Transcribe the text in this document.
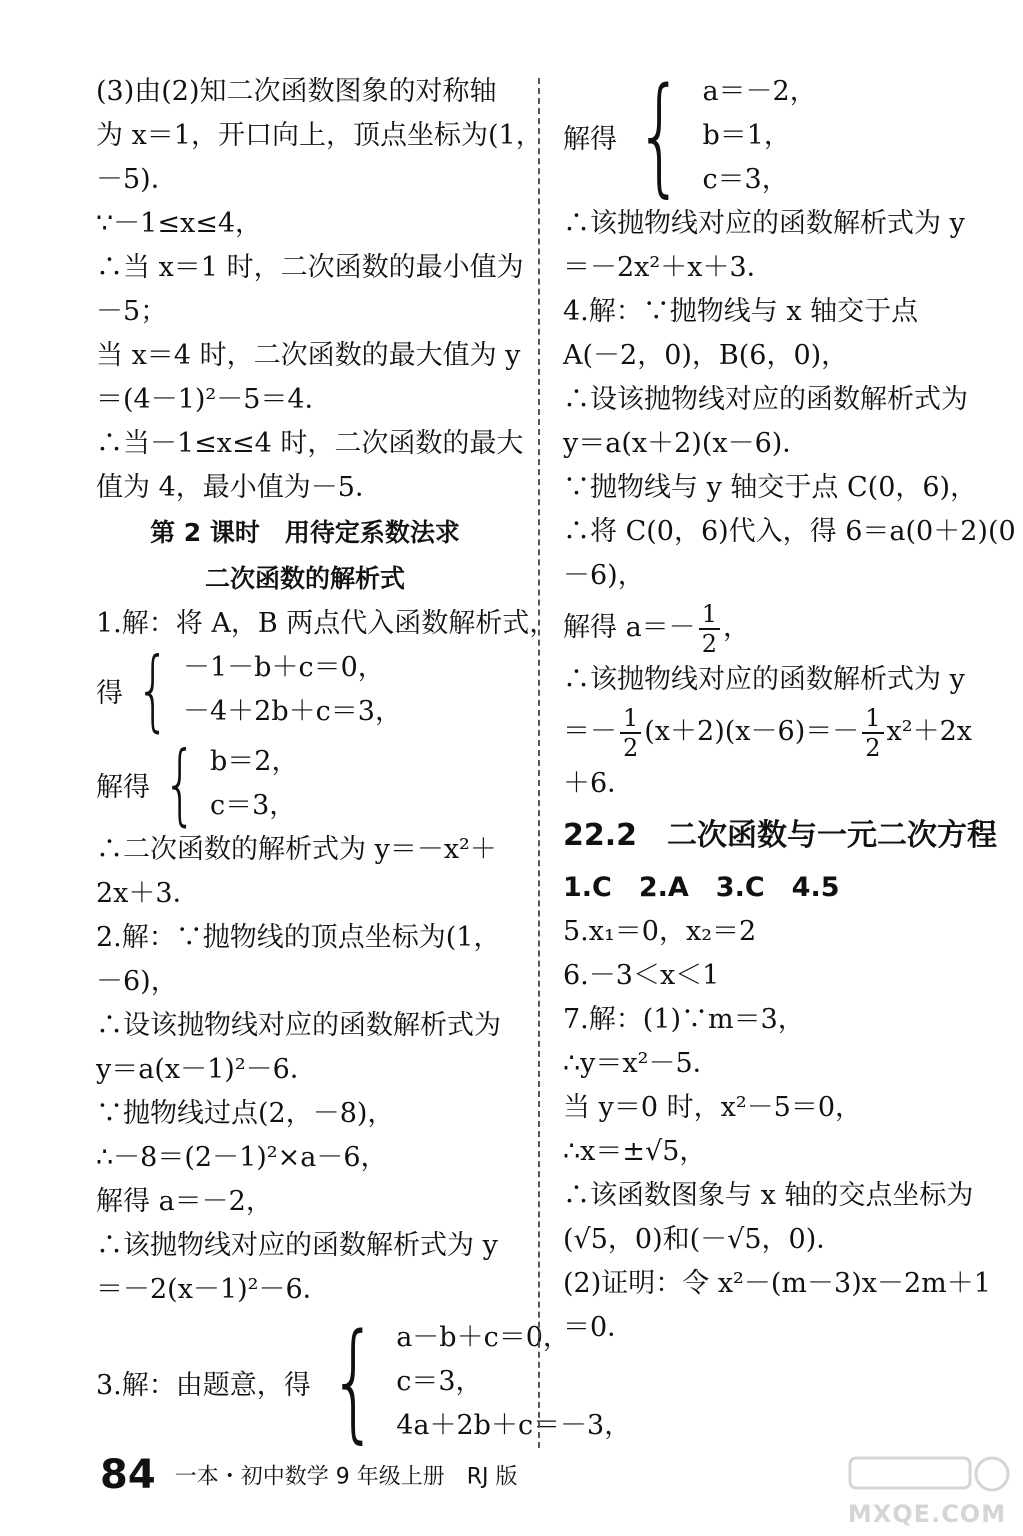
(3)由(2)知二次函数图象的对称轴
为 x＝1，开口向上，顶点坐标为(1，
－5)．
∵－1≤x≤4，
∴当 x＝1 时，二次函数的最小值为
－5；
当 x＝4 时，二次函数的最大值为 y
＝(4－1)²－5＝4．
∴当－1≤x≤4 时，二次函数的最大
值为 4，最小值为－5．
第 2 课时　用待定系数法求
二次函数的解析式
1.解：将 A，B 两点代入函数解析式，
得 { －1－b＋c＝0，
－4＋2b＋c＝3，
解得 { b＝2，
c＝3，
∴二次函数的解析式为 y＝－x²＋
2x＋3．
2.解：∵抛物线的顶点坐标为(1，
－6)，
∴设该抛物线对应的函数解析式为
y＝a(x－1)²－6．
∵抛物线过点(2，－8)，
∴－8＝(2－1)²×a－6，
解得 a＝－2，
∴该抛物线对应的函数解析式为 y
＝－2(x－1)²－6．
3.解：由题意，得 { a－b＋c＝0，
c＝3，
4a＋2b＋c＝－3，
解得 { a＝－2，
b＝1，
c＝3，
∴该抛物线对应的函数解析式为 y
＝－2x²＋x＋3．
4.解：∵抛物线与 x 轴交于点
A(－2，0)，B(6，0)，
∴设该抛物线对应的函数解析式为
y＝a(x＋2)(x－6)．
∵抛物线与 y 轴交于点 C(0，6)，
∴将 C(0，6)代入，得 6＝a(0＋2)(0
－6)，
解得 $a=- \frac{1}{2}$ ，
∴该抛物线对应的函数解析式为 y
＝－ $\frac{1}{2} (x+2)(x-6)=- \frac{1}{2} x^2+2x$
＋6．
22.2　二次函数与一元二次方程
1.C　2.A　3.C　4.5
5.x₁＝0，x₂＝2
6.－3＜x＜1
7.解：(1)∵m＝3，
∴y＝x²－5．
当 y＝0 时，x²－5＝0，
∴x＝±√5，
∴该函数图象与 x 轴的交点坐标为
(√5，0)和(－√5，0)．
(2)证明：令 x²－(m－3)x－2m＋1
＝0．
84 一本・初中数学 9 年级上册　RJ 版
MXQE.COM
